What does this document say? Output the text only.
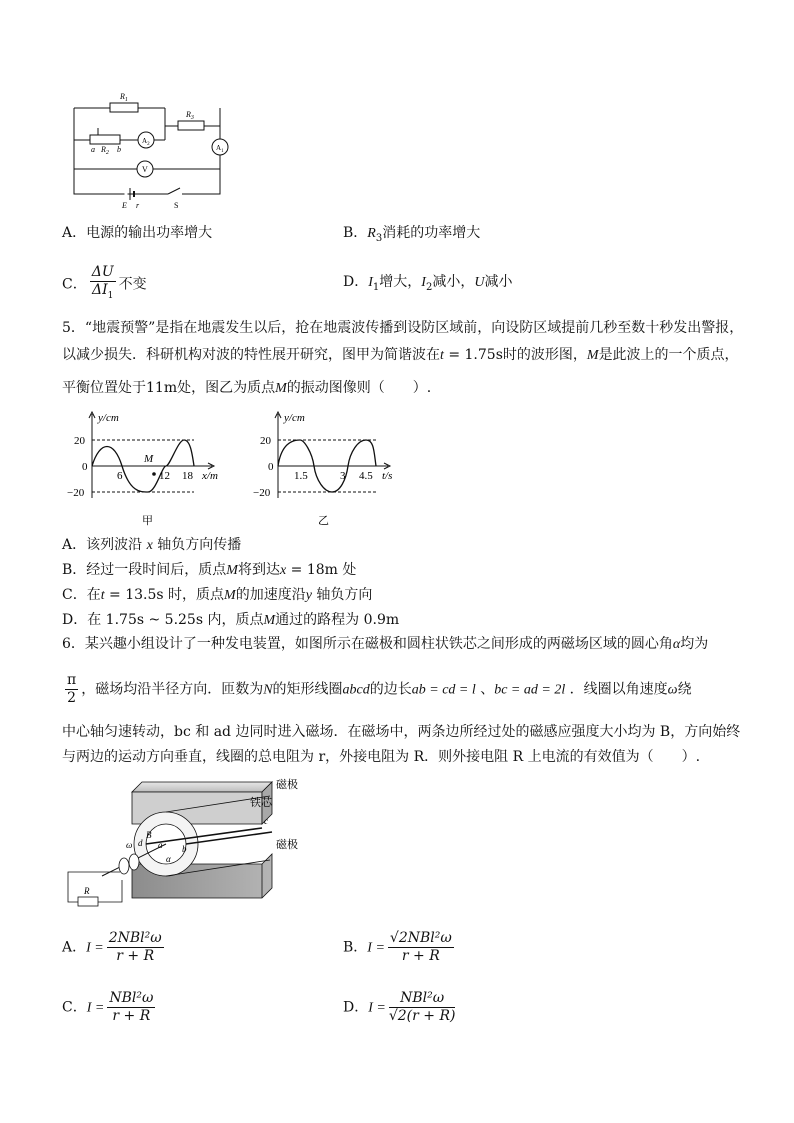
$R_1$
$R_3$
a $R_2$ b
$A_2$	$A_1$
V
E r	S
A．电源的输出功率增大	B．$R_3$消耗的功率增大
C． $\frac{\Delta U}{\Delta I_1}$ 不变	D．$I_1$增大，$I_2$减小，U减小
5．“地震预警”是指在地震发生以后，抢在地震波传播到设防区域前，向设防区域提前几秒至数十秒发出警报，
以减少损失．科研机构对波的特性展开研究，图甲为简谐波在t = 1.75s时的波形图，M是此波上的一个质点，
平衡位置处于11m处，图乙为质点M的振动图像则（　　）.
y/cm
20
0
−20
6	12 18
M
x/m
甲
y/cm
20
0
−20
1.5	3 4.5 t/s
乙
A．该列波沿 x 轴负方向传播
B．经过一段时间后，质点M将到达x = 18m 处
C．在t = 13.5s 时，质点M的加速度沿y 轴负方向
D．在 1.75s ~ 5.25s 内，质点M通过的路程为 0.9m
6．某兴趣小组设计了一种发电装置，如图所示在磁极和圆柱状铁芯之间形成的两磁场区域的圆心角α均为
$\frac{\pi}{2}$ ，磁场均沿半径方向．匝数为N的矩形线圈abcd的边长ab = cd = l 、bc = ad = 2l ．线圈以角速度ω绕
中心轴匀速转动，bc 和 ad 边同时进入磁场．在磁场中，两条边所经过处的磁感应强度大小均为 B，方向始终
与两边的运动方向垂直，线圈的总电阻为 r，外接电阻为 R．则外接电阻 R 上电流的有效值为（　　）.
磁极
铁芯
磁极
B
a b
c
d
α
ω
R
A．$I = \frac{\text{2NBl²ω}}{r + R}$	B．$I = \frac{\text{√2NBl²ω}}{r + R}$
C．$I = \frac{\text{NBl²ω}}{r + R}$	D．$I = \frac{\text{NBl²ω}}{√2(r + R)}$
